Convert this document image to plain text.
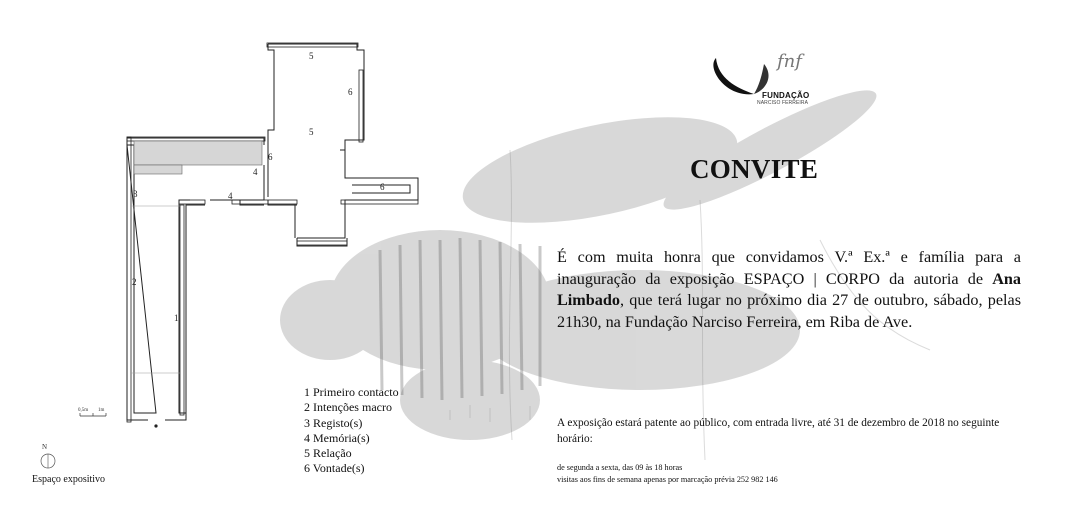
1
2
3
4
4
5
5
6
6
6
0,5m 1m
N
Espaço expositivo
1 Primeiro contacto
2 Intenções macro
3 Registo(s)
4 Memória(s)
5 Relação
6 Vontade(s)
fnf
FUNDAÇÃO
NARCISO FERREIRA
CONVITE
É com muita honra que convidamos V.ª Ex.ª e família para a inauguração da exposição ESPAÇO | CORPO da autoria de Ana Limbado, que terá lugar no próximo dia 27 de outubro, sábado, pelas 21h30, na Fundação Narciso Ferreira, em Riba de Ave.
A exposição estará patente ao público, com entrada livre, até 31 de dezembro de 2018 no seguinte horário:
de segunda a sexta, das 09 às 18 horas
visitas aos fins de semana apenas por marcação prévia 252 982 146
